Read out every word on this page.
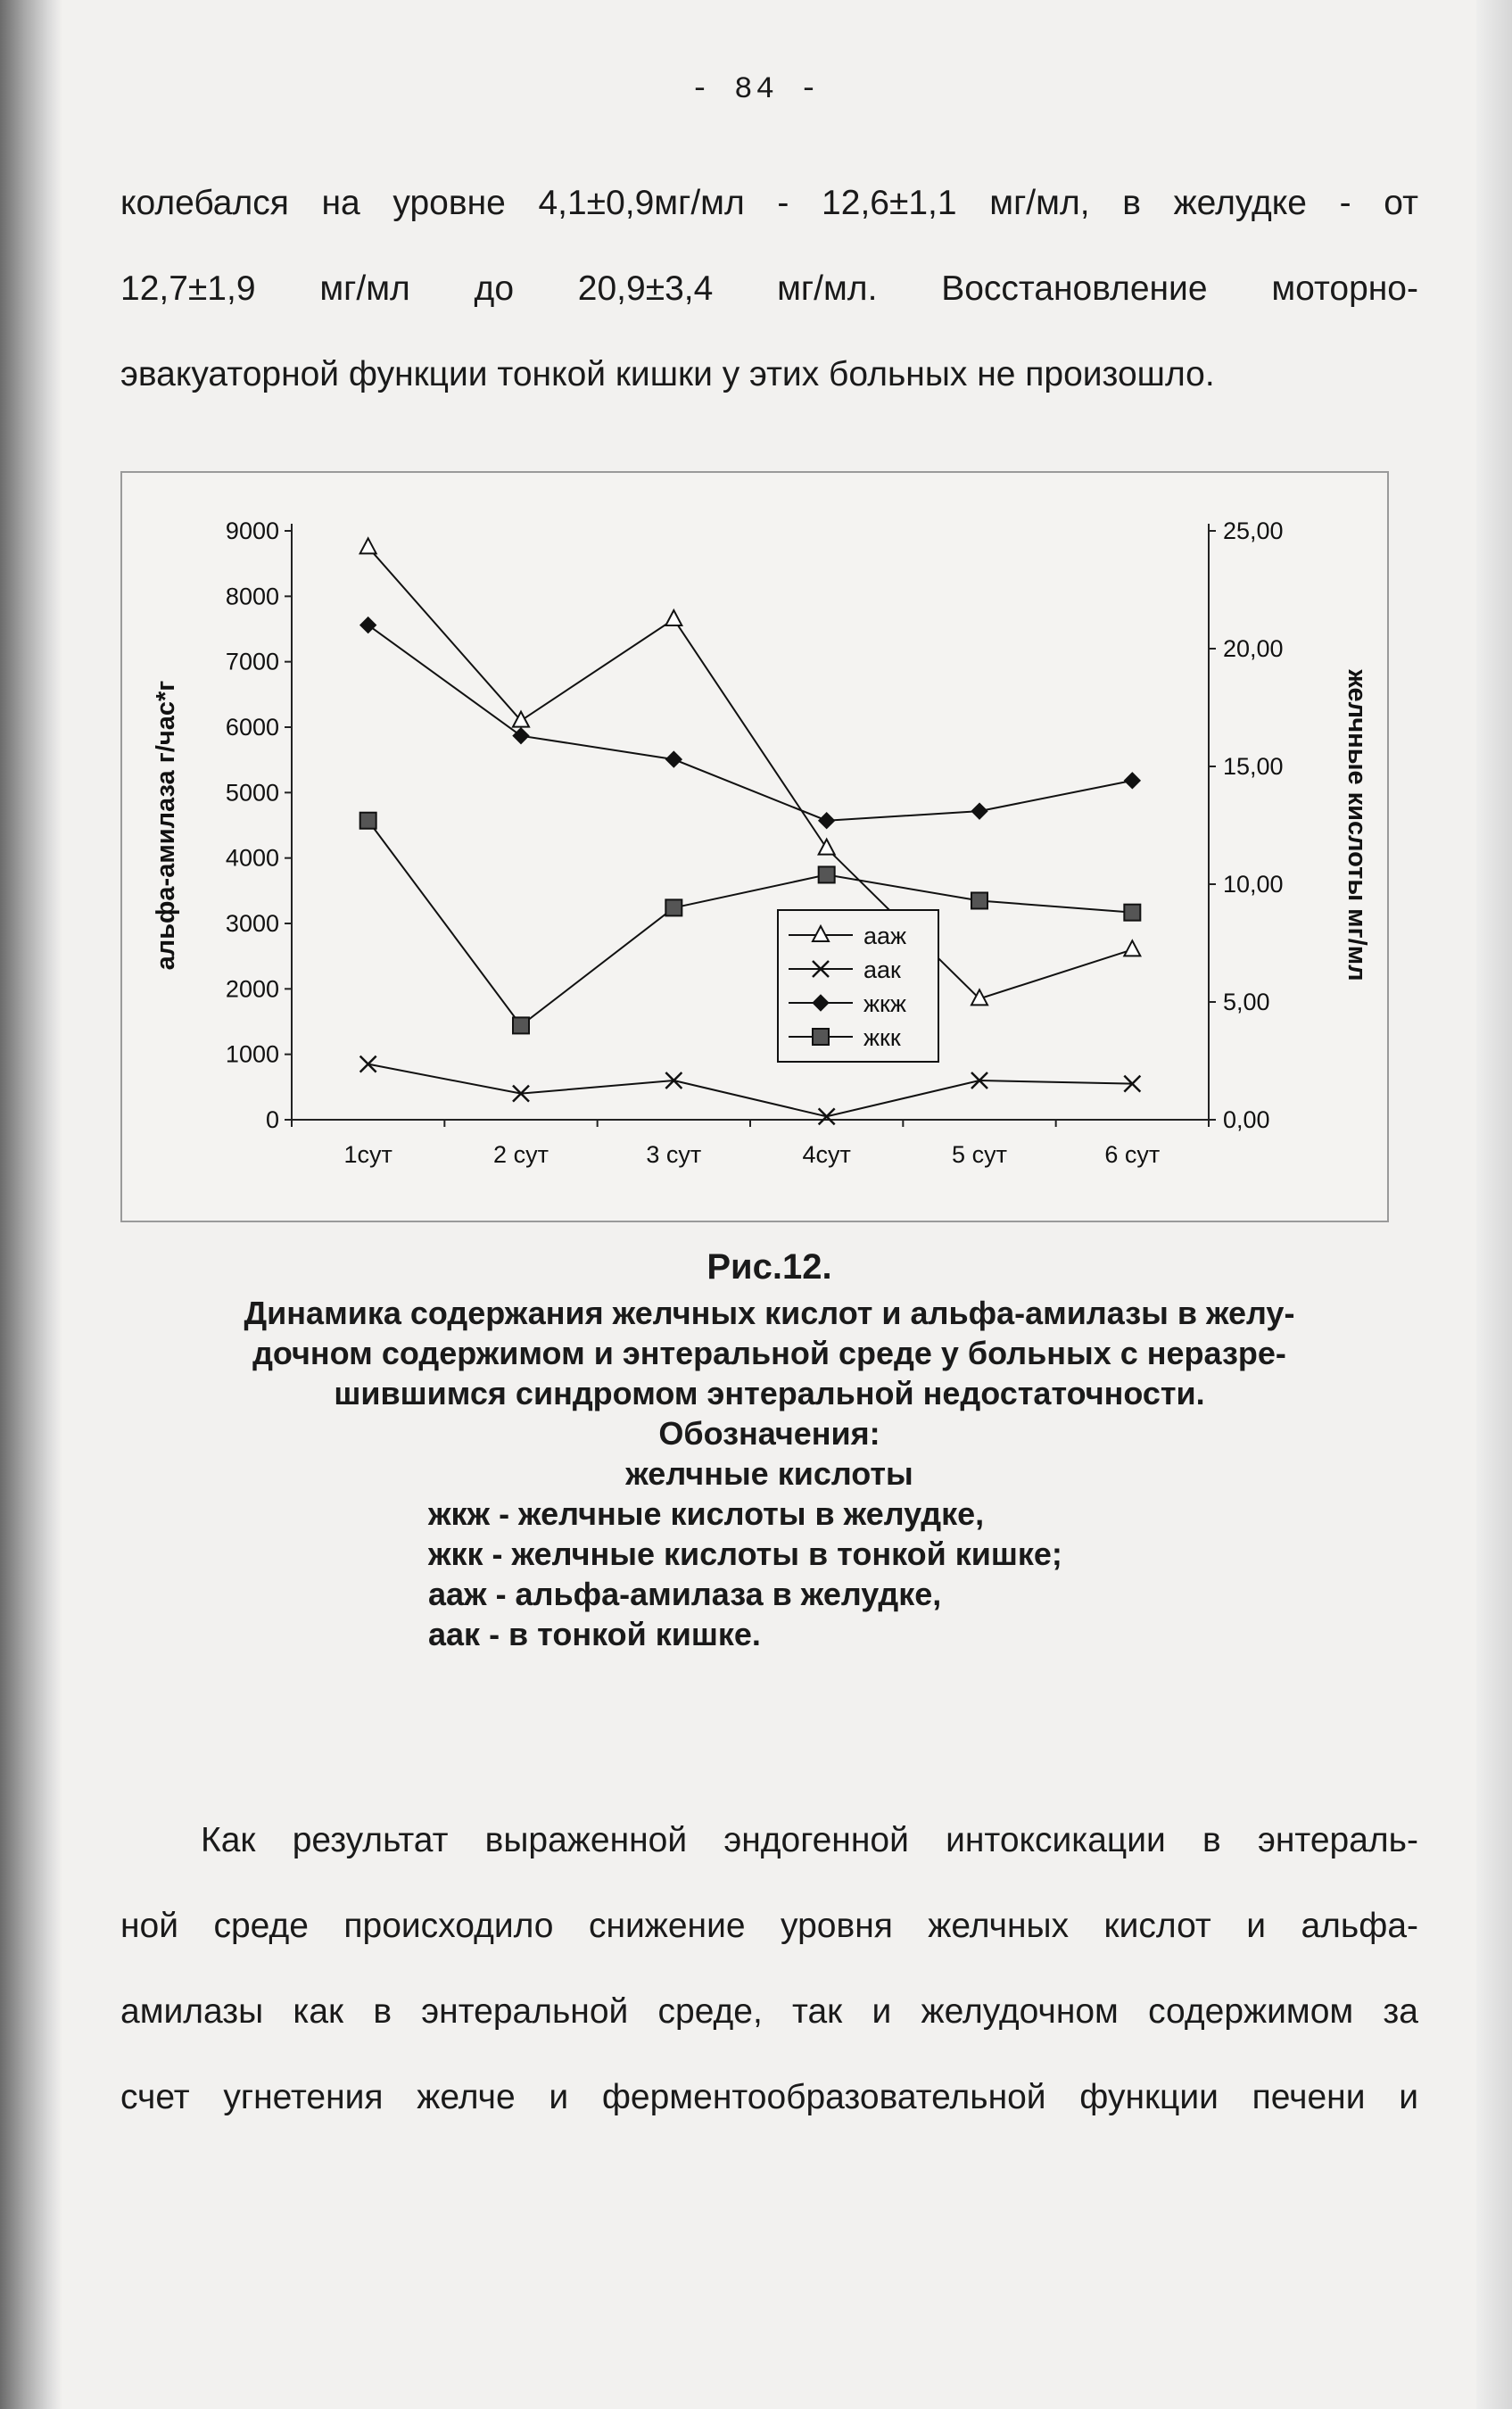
- 84 -
колебался на уровне 4,1±0,9мг/мл - 12,6±1,1 мг/мл, в желудке - от
12,7±1,9 мг/мл до 20,9±3,4 мг/мл. Восстановление моторно-
эвакуаторной функции тонкой кишки у этих больных не произошло.
0
1000
2000
3000
4000
5000
6000
7000
8000
9000
0,00
5,00
10,00
15,00
20,00
25,00
1сут	2 сут	3 сут	4сут	5 сут	6 сут
альфа-амилаза г/час*г	желчные кислоты мг/мл
ааж
аак
жкж
жкк
Рис.12.
Динамика содержания желчных кислот и альфа-амилазы в желу-
дочном содержимом и энтеральной среде у больных с неразре-
шившимся синдромом энтеральной недостаточности.
Обозначения:
желчные кислоты
жкж - желчные кислоты в желудке,
жкк - желчные кислоты в тонкой кишке;
ааж - альфа-амилаза в желудке,
аак - в тонкой кишке.
Как результат выраженной эндогенной интоксикации в энтераль-
ной среде происходило снижение уровня желчных кислот и альфа-
амилазы как в энтеральной среде, так и желудочном содержимом за
счет угнетения желче и ферментообразовательной функции печени и
